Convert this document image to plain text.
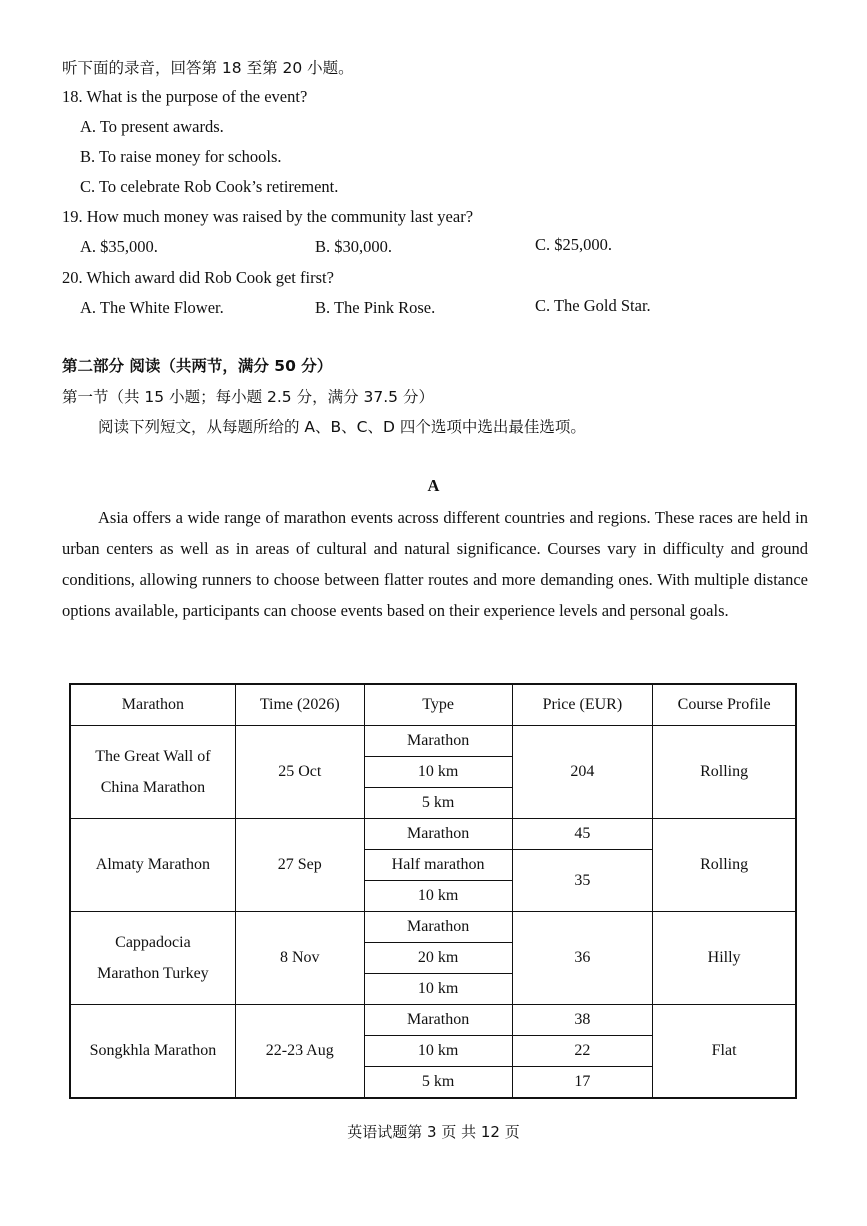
听下面的录音，回答第 18 至第 20 小题。
18. What is the purpose of the event?
A. To present awards.
B. To raise money for schools.
C. To celebrate Rob Cook’s retirement.
19. How much money was raised by the community last year?
A. $35,000.	B. $30,000.	C. $25,000.
20. Which award did Rob Cook get first?
A. The White Flower.	B. The Pink Rose.	C. The Gold Star.
第二部分 阅读（共两节，满分 50 分）
第一节（共 15 小题；每小题 2.5 分，满分 37.5 分）
阅读下列短文，从每题所给的 A、B、C、D 四个选项中选出最佳选项。
A

Asia offers a wide range of marathon events across different countries and regions. These races are held in urban centers as well as in areas of cultural and natural significance. Courses vary in difficulty and ground conditions, allowing runners to choose between flatter routes and more demanding ones. With multiple distance options available, participants can choose events based on their experience levels and personal goals.

Marathon	Time (2026)	Type	Price (EUR)	Course Profile

The Great Wall of
China Marathon	25 Oct	Marathon	204	Rolling
		10 km		
		5 km		
Almaty Marathon	27 Sep	Marathon	45	Rolling
		Half marathon	35	
		10 km		

Cappadocia
Marathon Turkey	8 Nov	Marathon	36	Hilly
		20 km		
		10 km		
Songkhla Marathon	22-23 Aug	Marathon	38	Flat
		10 km	22	
		5 km	17	
英语试题第 3 页 共 12 页
